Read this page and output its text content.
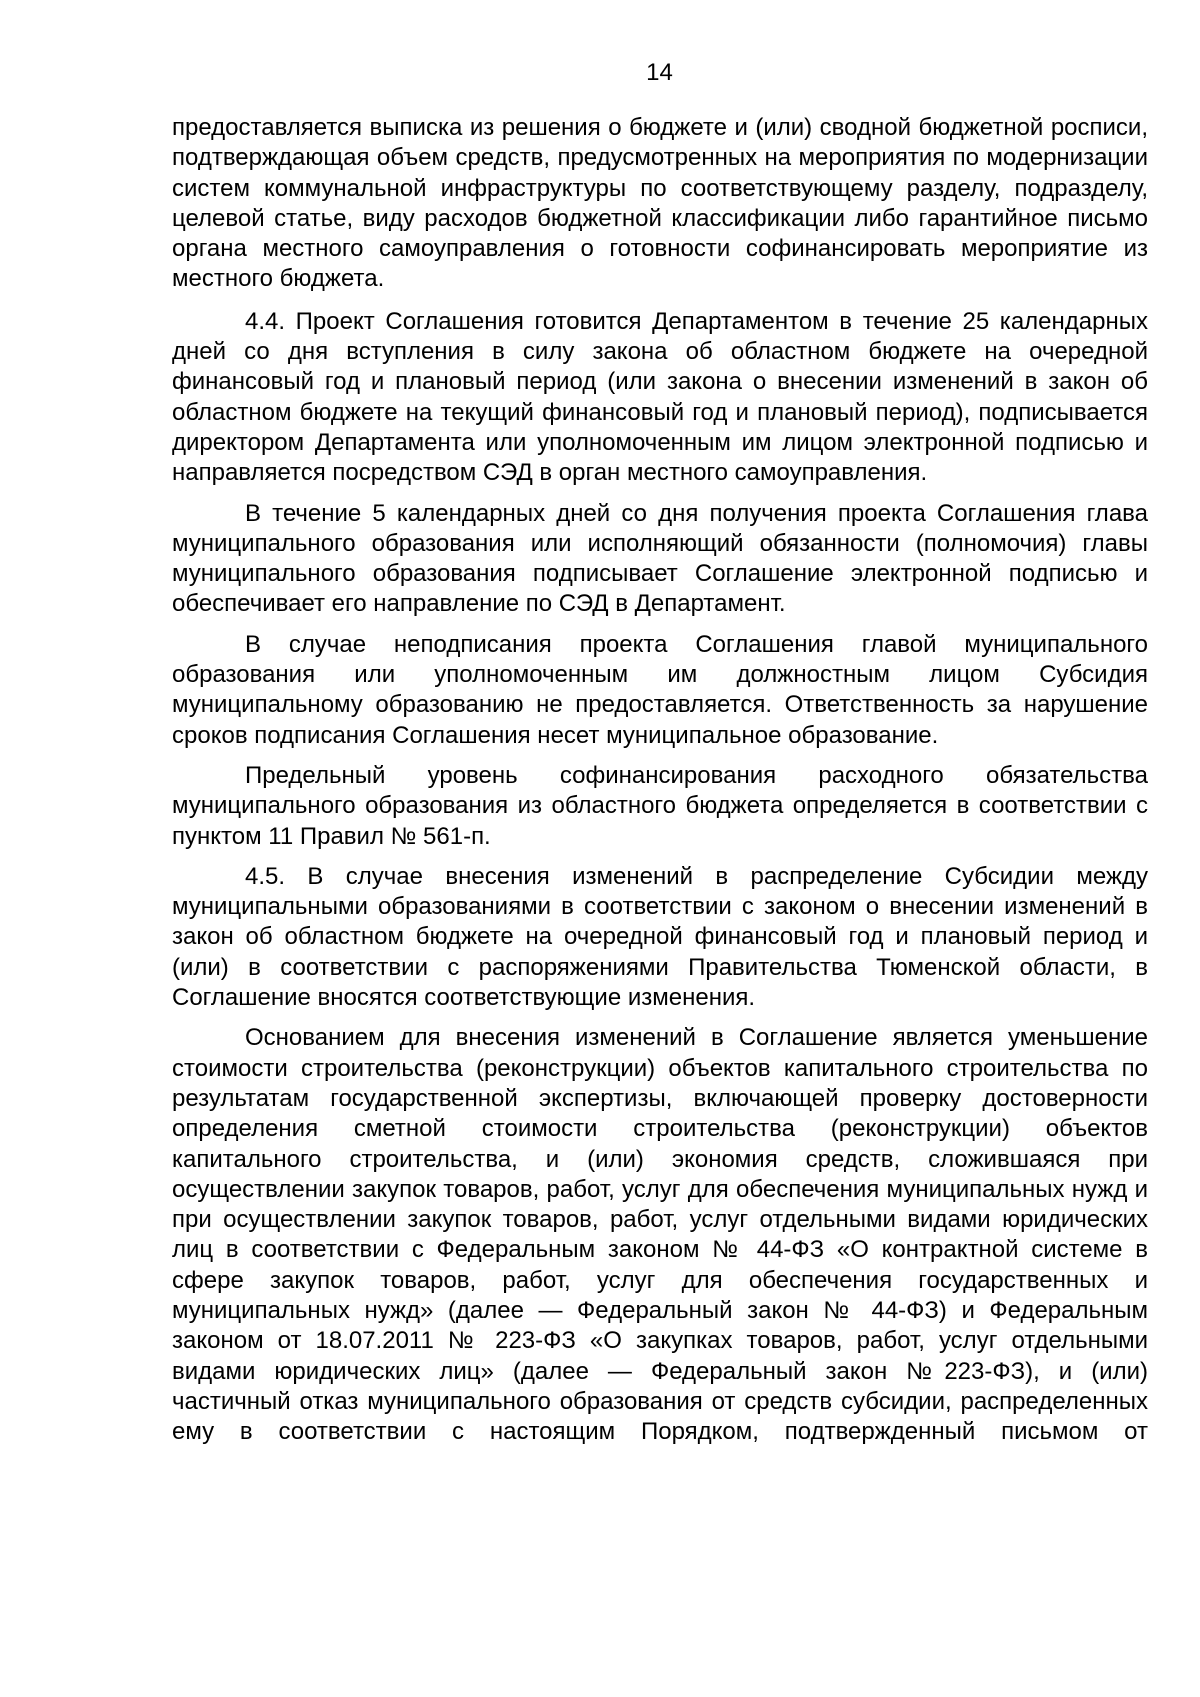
14

предоставляется выписка из решения о бюджете и (или) сводной бюджетной росписи, подтверждающая объем средств, предусмотренных на мероприятия по модернизации систем коммунальной инфраструктуры по соответствующему разделу, подразделу, целевой статье, виду расходов бюджетной классификации либо гарантийное письмо органа местного самоуправления о готовности софинансировать мероприятие из местного бюджета.

4.4. Проект Соглашения готовится Департаментом в течение 25 календарных дней со дня вступления в силу закона об областном бюджете на очередной финансовый год и плановый период (или закона о внесении изменений в закон об областном бюджете на текущий финансовый год и плановый период), подписывается директором Департамента или уполномоченным им лицом электронной подписью и направляется посредством СЭД в орган местного самоуправления.

В течение 5 календарных дней со дня получения проекта Соглашения глава муниципального образования или исполняющий обязанности (полномочия) главы муниципального образования подписывает Соглашение электронной подписью и обеспечивает его направление по СЭД в Департамент.

В случае неподписания проекта Соглашения главой муниципального образования или уполномоченным им должностным лицом Субсидия муниципальному образованию не предоставляется. Ответственность за нарушение сроков подписания Соглашения несет муниципальное образование.

Предельный уровень софинансирования расходного обязательства муниципального образования из областного бюджета определяется в соответствии с пунктом 11 Правил № 561-п.

4.5. В случае внесения изменений в распределение Субсидии между муниципальными образованиями в соответствии с законом о внесении изменений в закон об областном бюджете на очередной финансовый год и плановый период и (или) в соответствии с распоряжениями Правительства Тюменской области, в Соглашение вносятся соответствующие изменения.

Основанием для внесения изменений в Соглашение является уменьшение стоимости строительства (реконструкции) объектов капитального строительства по результатам государственной экспертизы, включающей проверку достоверности определения сметной стоимости строительства (реконструкции) объектов капитального строительства, и (или) экономия средств, сложившаяся при осуществлении закупок товаров, работ, услуг для обеспечения муниципальных нужд и при осуществлении закупок товаров, работ, услуг отдельными видами юридических лиц в соответствии с Федеральным законом № 44-ФЗ «О контрактной системе в сфере закупок товаров, работ, услуг для обеспечения государственных и муниципальных нужд» (далее — Федеральный закон № 44-ФЗ) и Федеральным законом от 18.07.2011 № 223-ФЗ «О закупках товаров, работ, услуг отдельными видами юридических лиц» (далее — Федеральный закон №223-ФЗ), и (или) частичный отказ муниципального образования от средств субсидии, распределенных ему в соответствии с настоящим Порядком, подтвержденный письмом от
